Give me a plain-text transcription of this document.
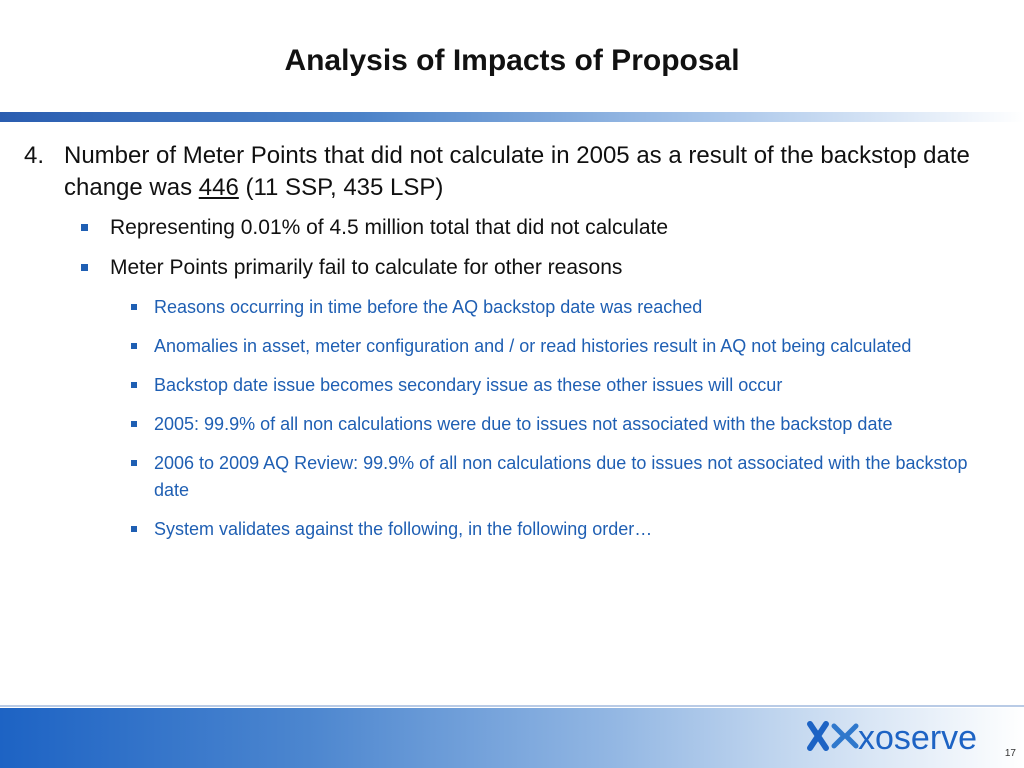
Analysis of Impacts of Proposal

4. Number of Meter Points that did not calculate in 2005 as a result of the backstop date change was 446 (11 SSP, 435 LSP)

Representing 0.01% of 4.5 million total that did not calculate
Meter Points primarily fail to calculate for other reasons
Reasons occurring in time before the AQ backstop date was reached
Anomalies in asset, meter configuration and / or read histories result in AQ not being calculated
Backstop date issue becomes secondary issue as these other issues will occur
2005: 99.9% of all non calculations were due to issues not associated with the backstop date
2006 to 2009 AQ Review: 99.9% of all non calculations due to issues not associated with the backstop date
System validates against the following, in the following order…
xoserve	17
